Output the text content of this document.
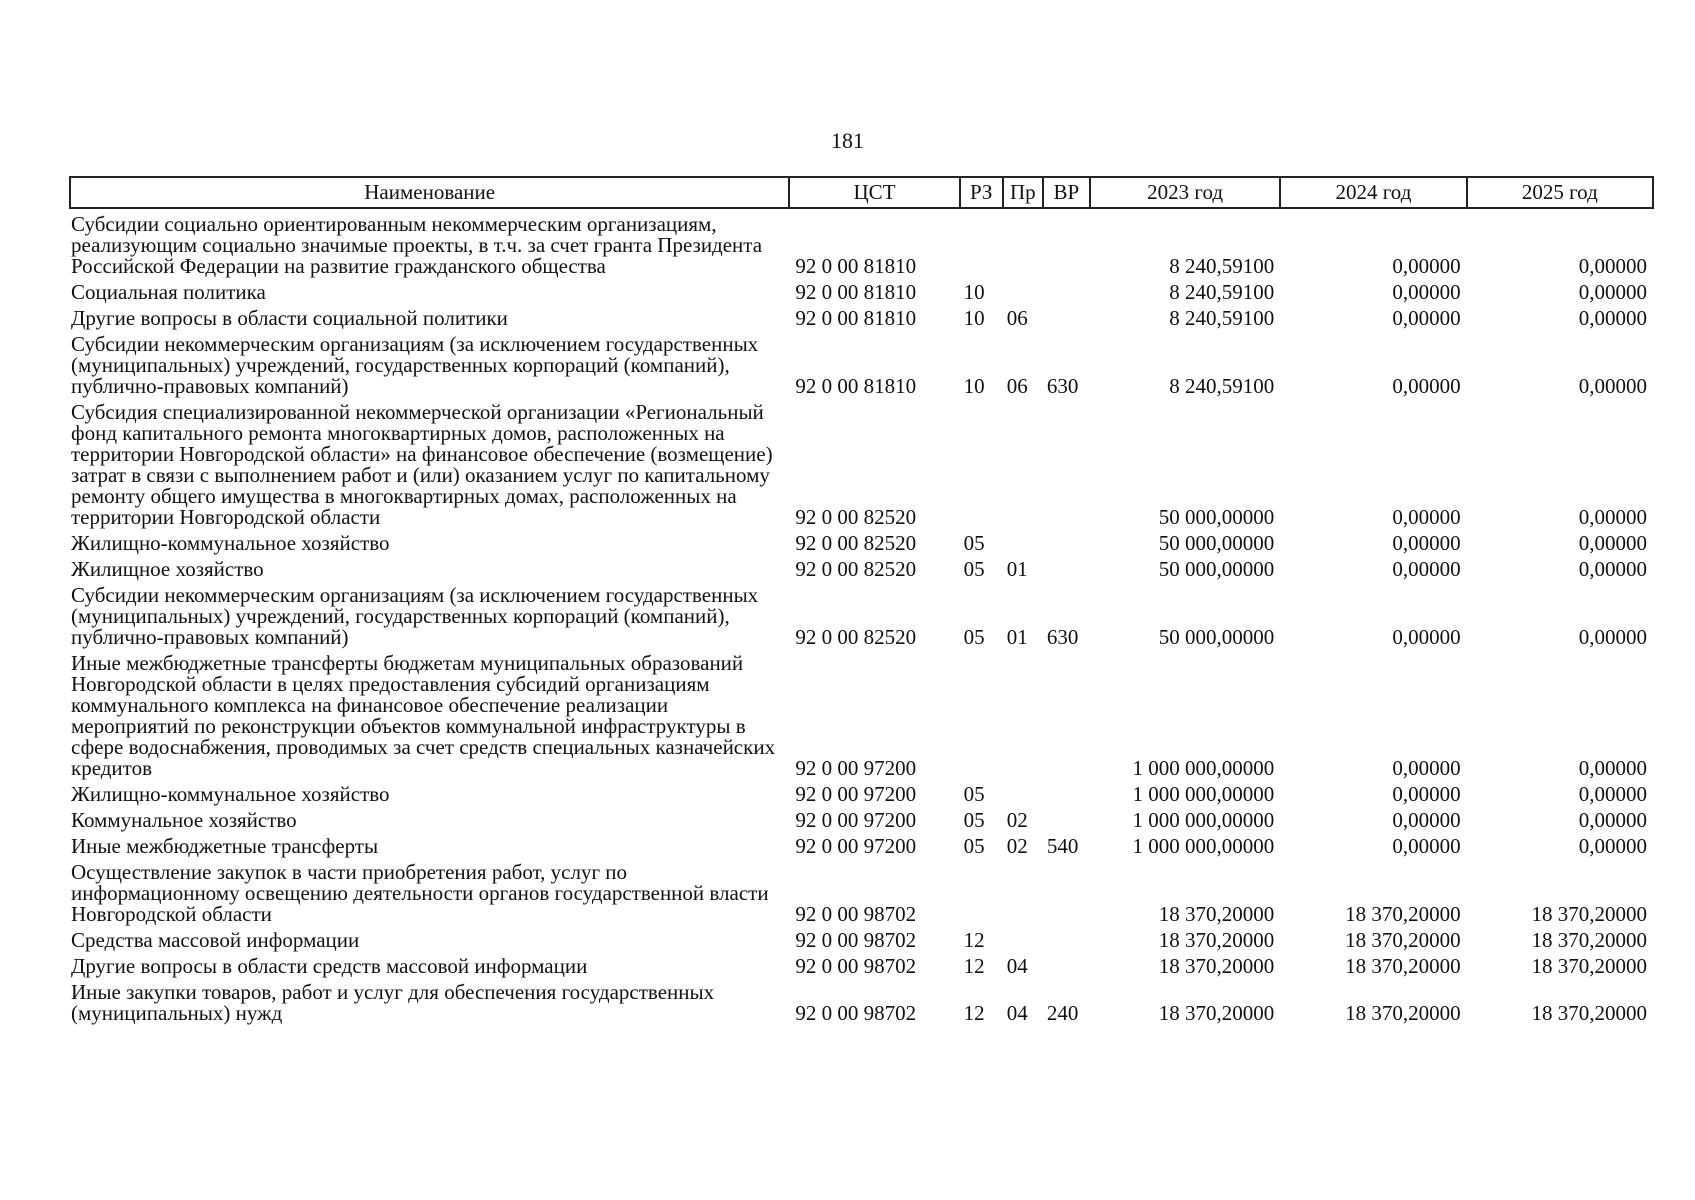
181
Наименование	ЦСТ	РЗ	Пр	ВР	2023 год	2024 год	2025 год
Субсидии социально ориентированным некоммерческим организациям, реализующим социально значимые проекты, в т.ч. за счет гранта Президента Российской Федерации на развитие гражданского общества	92 0 00 81810				8 240,59100	0,00000	0,00000
Социальная политика	92 0 00 81810	10			8 240,59100	0,00000	0,00000
Другие вопросы в области социальной политики	92 0 00 81810	10	06		8 240,59100	0,00000	0,00000
Субсидии некоммерческим организациям (за исключением государственных (муниципальных) учреждений, государственных корпораций (компаний), публично-правовых компаний)	92 0 00 81810	10	06	630	8 240,59100	0,00000	0,00000
Субсидия специализированной некоммерческой организации «Региональный фонд капитального ремонта многоквартирных домов, расположенных на территории Новгородской области» на финансовое обеспечение (возмещение) затрат в связи с выполнением работ и (или) оказанием услуг по капитальному ремонту общего имущества в многоквартирных домах, расположенных на территории Новгородской области	92 0 00 82520				50 000,00000	0,00000	0,00000
Жилищно-коммунальное хозяйство	92 0 00 82520	05			50 000,00000	0,00000	0,00000
Жилищное хозяйство	92 0 00 82520	05	01		50 000,00000	0,00000	0,00000
Субсидии некоммерческим организациям (за исключением государственных (муниципальных) учреждений, государственных корпораций (компаний), публично-правовых компаний)	92 0 00 82520	05	01	630	50 000,00000	0,00000	0,00000
Иные межбюджетные трансферты бюджетам муниципальных образований Новгородской области в целях предоставления субсидий организациям коммунального комплекса на финансовое обеспечение реализации мероприятий по реконструкции объектов коммунальной инфраструктуры в сфере водоснабжения, проводимых за счет средств специальных казначейских кредитов	92 0 00 97200				1 000 000,00000	0,00000	0,00000
Жилищно-коммунальное хозяйство	92 0 00 97200	05			1 000 000,00000	0,00000	0,00000
Коммунальное хозяйство	92 0 00 97200	05	02		1 000 000,00000	0,00000	0,00000
Иные межбюджетные трансферты	92 0 00 97200	05	02	540	1 000 000,00000	0,00000	0,00000
Осуществление закупок в части приобретения работ, услуг по информационному освещению деятельности органов государственной власти Новгородской области	92 0 00 98702				18 370,20000	18 370,20000	18 370,20000
Средства массовой информации	92 0 00 98702	12			18 370,20000	18 370,20000	18 370,20000
Другие вопросы в области средств массовой информации	92 0 00 98702	12	04		18 370,20000	18 370,20000	18 370,20000
Иные закупки товаров, работ и услуг для обеспечения государственных (муниципальных) нужд	92 0 00 98702	12	04	240	18 370,20000	18 370,20000	18 370,20000
